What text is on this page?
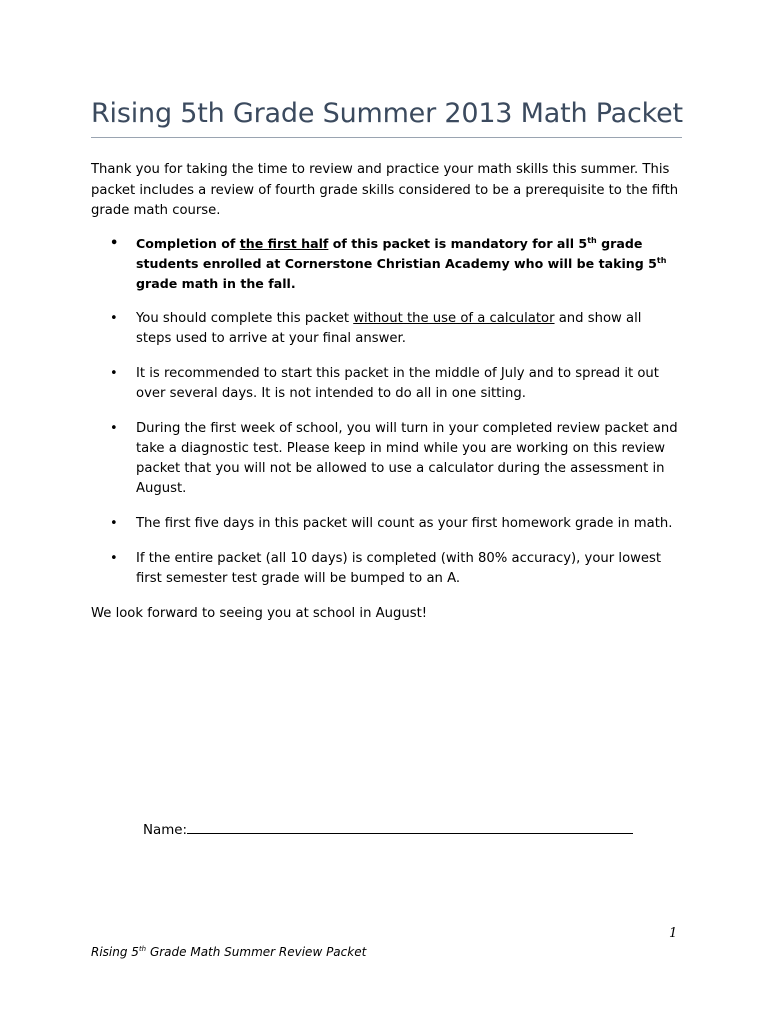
Rising 5th Grade Summer 2013 Math Packet

Thank you for taking the time to review and practice your math skills this summer. This packet includes a review of fourth grade skills considered to be a prerequisite to the fifth grade math course.

• Completion of the first half of this packet is mandatory for all 5th grade students enrolled at Cornerstone Christian Academy who will be taking 5th grade math in the fall.
• You should complete this packet without the use of a calculator and show all steps used to arrive at your final answer.
• It is recommended to start this packet in the middle of July and to spread it out over several days. It is not intended to do all in one sitting.
• During the first week of school, you will turn in your completed review packet and take a diagnostic test. Please keep in mind while you are working on this review packet that you will not be allowed to use a calculator during the assessment in August.
• The first five days in this packet will count as your first homework grade in math.
• If the entire packet (all 10 days) is completed (with 80% accuracy), your lowest first semester test grade will be bumped to an A.

We look forward to seeing you at school in August!

Name:
1
Rising 5th Grade Math Summer Review Packet
